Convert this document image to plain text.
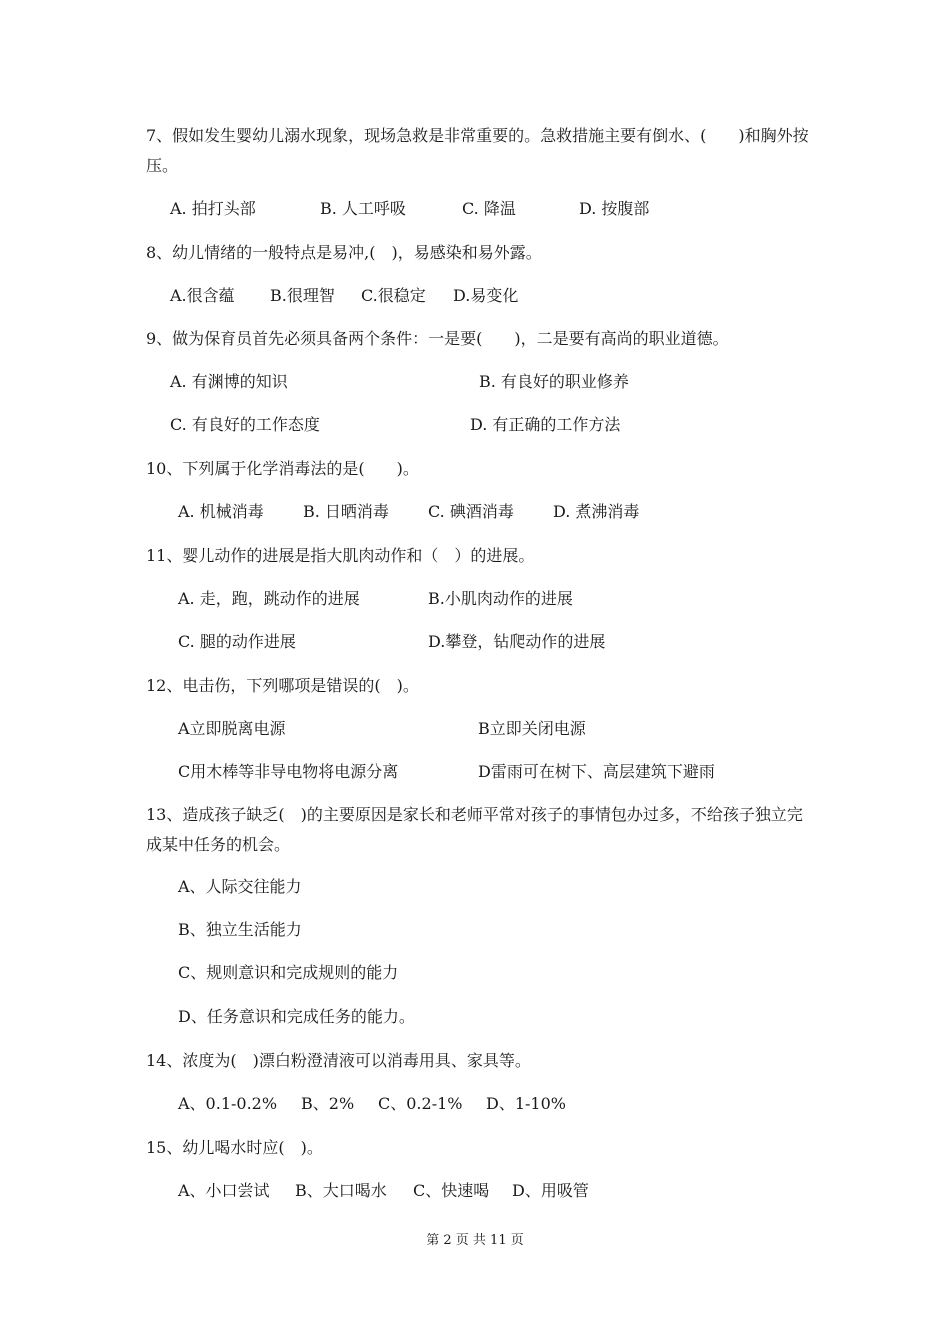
7、假如发生婴幼儿溺水现象，现场急救是非常重要的。急救措施主要有倒水、(　　)和胸外按压。
A. 拍打头部	B. 人工呼吸	C. 降温	D. 按腹部
8、幼儿情绪的一般特点是易冲,(　)，易感染和易外露。
A.很含蕴 B.很理智 C.很稳定 D.易变化
9、做为保育员首先必须具备两个条件：一是要(　　)，二是要有高尚的职业道德。
A. 有渊博的知识	B. 有良好的职业修养
C. 有良好的工作态度	D. 有正确的工作方法
10、下列属于化学消毒法的是(　　)。
A. 机械消毒 B. 日晒消毒 C. 碘酒消毒 D. 煮沸消毒
11、婴儿动作的进展是指大肌肉动作和（　）的进展。
A. 走，跑，跳动作的进展	B.小肌肉动作的进展
C. 腿的动作进展	D.攀登，钻爬动作的进展
12、电击伤，下列哪项是错误的(　)。
A立即脱离电源	B立即关闭电源
C用木棒等非导电物将电源分离	D雷雨可在树下、高层建筑下避雨
13、造成孩子缺乏(　)的主要原因是家长和老师平常对孩子的事情包办过多，不给孩子独立完成某中任务的机会。
A、人际交往能力
B、独立生活能力
C、规则意识和完成规则的能力
D、任务意识和完成任务的能力。
14、浓度为(　)漂白粉澄清液可以消毒用具、家具等。
A、0.1-0.2% B、2% C、0.2-1% D、1-10%
15、幼儿喝水时应(　)。
A、小口尝试 B、大口喝水 C、快速喝 D、用吸管
第 2 页 共 11 页
